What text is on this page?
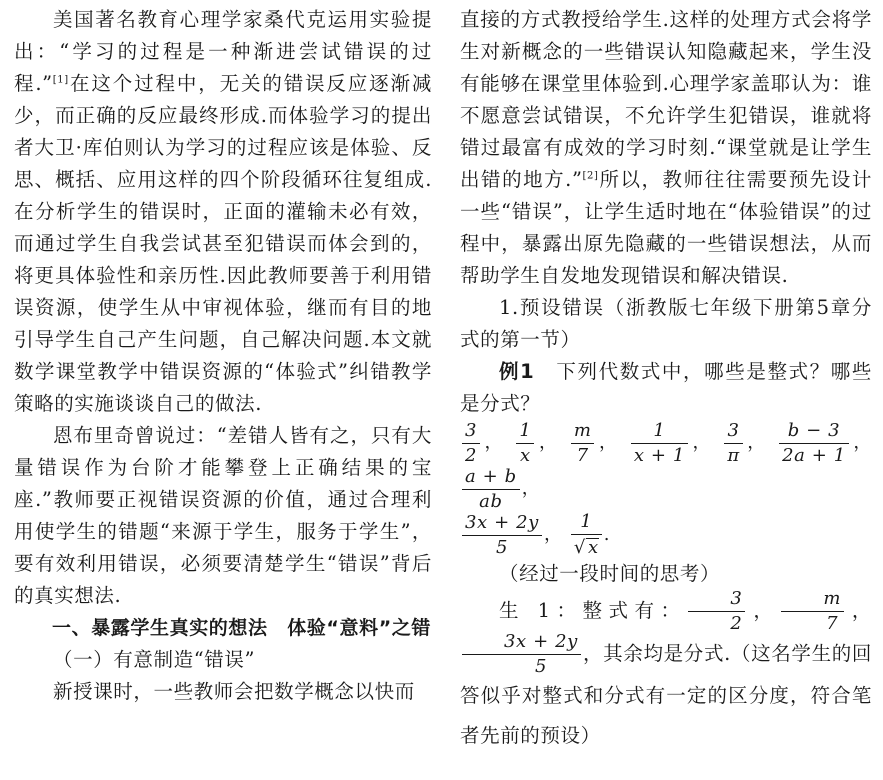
美国著名教育心理学家桑代克运用实验提出：“学习的过程是一种渐进尝试错误的过程.”[1]在这个过程中，无关的错误反应逐渐减少，而正确的反应最终形成.而体验学习的提出者大卫·库伯则认为学习的过程应该是体验、反思、概括、应用这样的四个阶段循环往复组成.在分析学生的错误时，正面的灌输未必有效，而通过学生自我尝试甚至犯错误而体会到的，将更具体验性和亲历性.因此教师要善于利用错误资源，使学生从中审视体验，继而有目的地引导学生自己产生问题，自己解决问题.本文就数学课堂教学中错误资源的“体验式”纠错教学策略的实施谈谈自己的做法.

恩布里奇曾说过：“差错人皆有之，只有大量错误作为台阶才能攀登上正确结果的宝座.”教师要正视错误资源的价值，通过合理利用使学生的错题“来源于学生，服务于学生”，要有效利用错误，必须要清楚学生“错误”背后的真实想法.

一、暴露学生真实的想法　体验“意料”之错

（一）有意制造“错误”

新授课时，一些教师会把数学概念以快而

直接的方式教授给学生.这样的处理方式会将学生对新概念的一些错误认知隐藏起来，学生没有能够在课堂里体验到.心理学家盖耶认为：谁不愿意尝试错误，不允许学生犯错误，谁就将错过最富有成效的学习时刻.“课堂就是让学生出错的地方.”[2]所以，教师往往需要预先设计一些“错误”，让学生适时地在“体验错误”的过程中，暴露出原先隐藏的一些错误想法，从而帮助学生自发地发现错误和解决错误.

1.预设错误（浙教版七年级下册第5章分式的第一节）

例1　 下列代数式中，哪些是整式？哪些是分式？

$\frac{3}{2}$ ， $\frac{1}{x}$ ， $\frac{m}{7}$ ， $\frac{1}{x + 1}$ ， $\frac{3}{\pi}$ ， $\frac{b - 3}{2a + 1}$ ，
$\frac{a + b}{ab}$ ，

$\frac{3x + 2y}{5}$ ， $\frac{1}{√ x}$ .

（经过一段时间的思考）

生 1：整式有： $\frac{3}{2}$ ， $\frac{m}{7}$ ，
$\frac{3x + 2y}{5}$ ，其余均是分式.（这名学生的回答似乎对整式和分式有一定的区分度，符合笔者先前的预设）
